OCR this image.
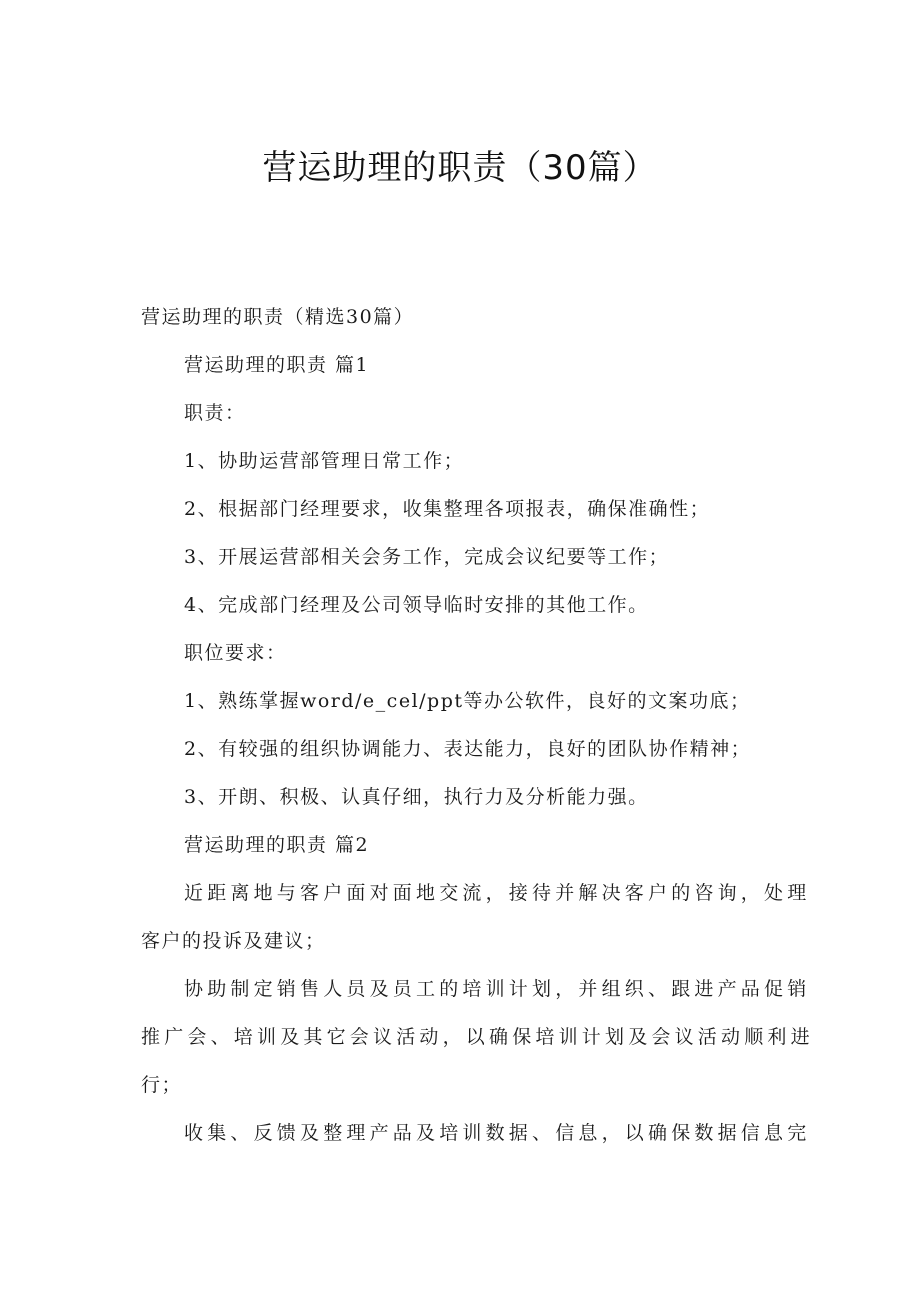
营运助理的职责（30篇）
营运助理的职责（精选30篇）
营运助理的职责 篇1
职责：
1、协助运营部管理日常工作；
2、根据部门经理要求，收集整理各项报表，确保准确性；
3、开展运营部相关会务工作，完成会议纪要等工作；
4、完成部门经理及公司领导临时安排的其他工作。
职位要求：
1、熟练掌握word/e_cel/ppt等办公软件，良好的文案功底；
2、有较强的组织协调能力、表达能力，良好的团队协作精神；
3、开朗、积极、认真仔细，执行力及分析能力强。
营运助理的职责 篇2
近距离地与客户面对面地交流，接待并解决客户的咨询，处理
客户的投诉及建议；
协助制定销售人员及员工的培训计划，并组织、跟进产品促销
推广会、培训及其它会议活动，以确保培训计划及会议活动顺利进
行；
收集、反馈及整理产品及培训数据、信息，以确保数据信息完
